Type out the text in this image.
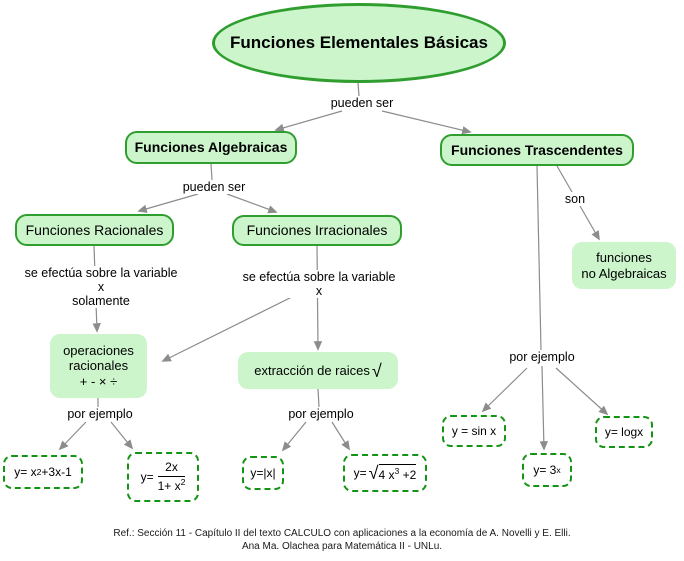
Funciones Elementales Básicas
Funciones Algebraicas	Funciones Trascendentes
Funciones Racionales	Funciones Irracionales
operaciones
racionales
+ - × ÷
extracción de raices √
funciones
no Algebraicas
pueden ser
pueden ser
se efectúa sobre la variable x
solamente
se efectúa sobre la variable x
son
por ejemplo	por ejemplo
por ejemplo
y= x 2 +3x-1	$y= \frac{2x}{1+ x^2}$	y=|x|	y= √ 4 $x^3 +2$
y = sin x
y= 3 x
y= logx
Ref.: Sección 11 - Capítulo II del texto CALCULO con aplicaciones a la economía de A. Novelli y E. Elli.
Ana Ma. Olachea para Matemática II - UNLu.
